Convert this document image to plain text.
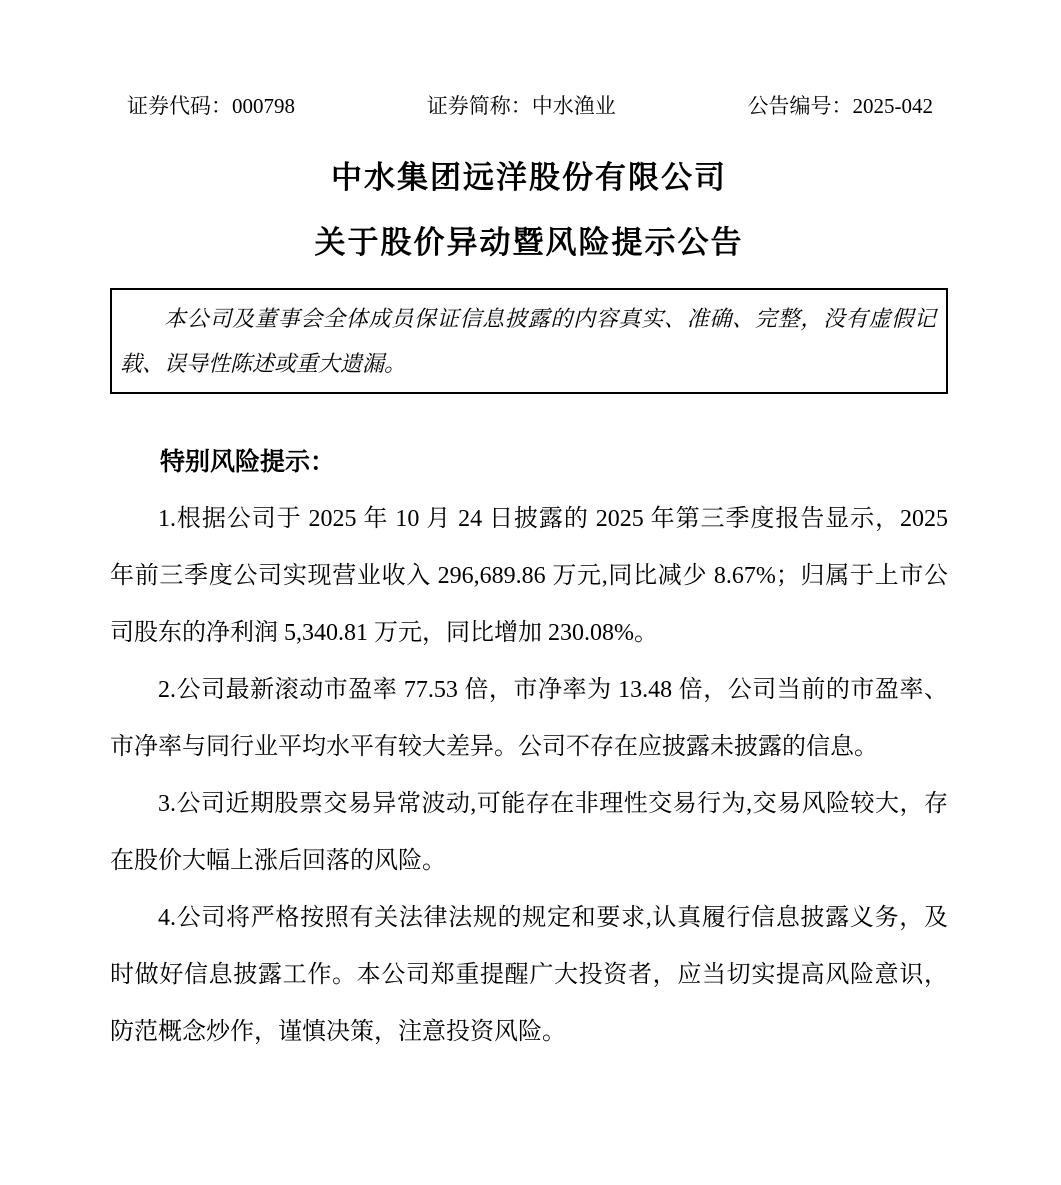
证券代码：000798	证券简称：中水渔业	公告编号：2025-042
中水集团远洋股份有限公司
关于股价异动暨风险提示公告

本公司及董事会全体成员保证信息披露的内容真实、准确、完整，没有虚假记载、误导性陈述或重大遗漏。

特别风险提示：

1.根据公司于 2025 年 10 月 24 日披露的 2025 年第三季度报告显示，2025 年前三季度公司实现营业收入 296,689.86 万元,同比减少 8.67%；归属于上市公司股东的净利润 5,340.81 万元，同比增加 230.08%。

2.公司最新滚动市盈率 77.53 倍，市净率为 13.48 倍，公司当前的市盈率、市净率与同行业平均水平有较大差异。公司不存在应披露未披露的信息。

3.公司近期股票交易异常波动,可能存在非理性交易行为,交易风险较大，存在股价大幅上涨后回落的风险。

4.公司将严格按照有关法律法规的规定和要求,认真履行信息披露义务，及时做好信息披露工作。本公司郑重提醒广大投资者，应当切实提高风险意识，防范概念炒作，谨慎决策，注意投资风险。
